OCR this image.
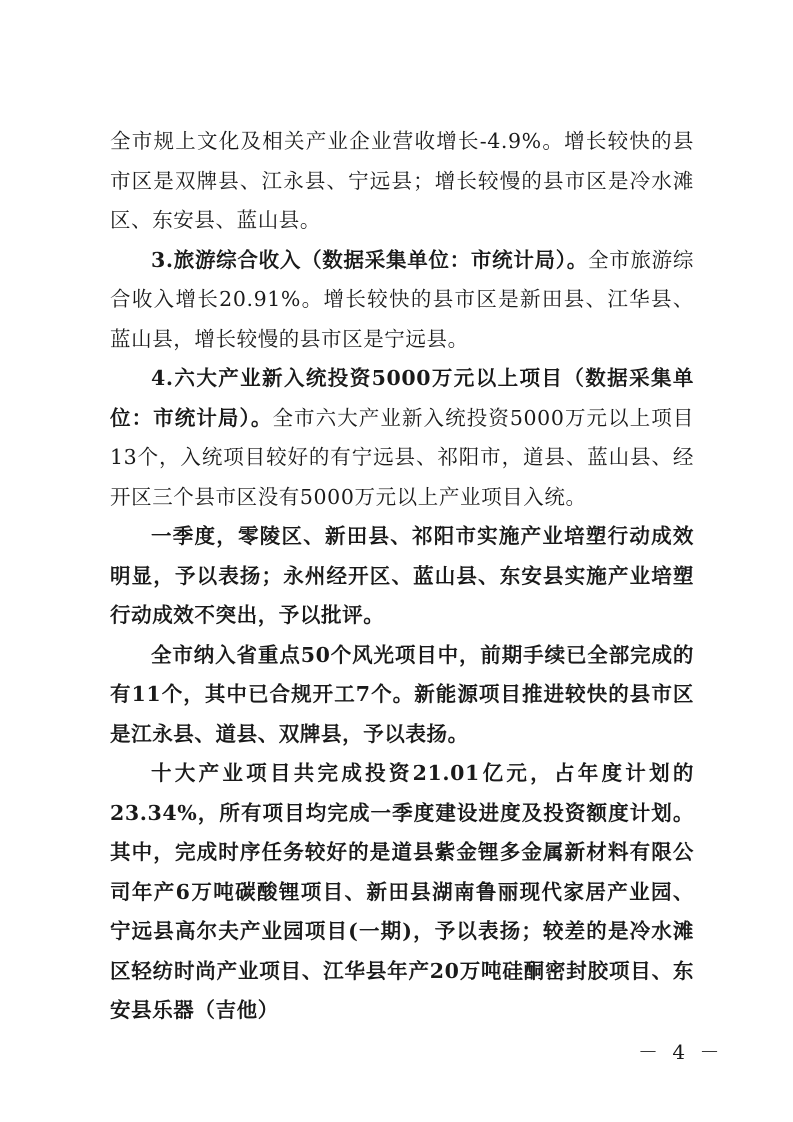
全市规上文化及相关产业企业营收增长-4.9%。增长较快的县市区是双牌县、江永县、宁远县；增长较慢的县市区是冷水滩区、东安县、蓝山县。

3.旅游综合收入（数据采集单位：市统计局）。全市旅游综合收入增长20.91%。增长较快的县市区是新田县、江华县、蓝山县，增长较慢的县市区是宁远县。

4.六大产业新入统投资5000万元以上项目（数据采集单位：市统计局）。全市六大产业新入统投资5000万元以上项目13个，入统项目较好的有宁远县、祁阳市，道县、蓝山县、经开区三个县市区没有5000万元以上产业项目入统。

一季度，零陵区、新田县、祁阳市实施产业培塑行动成效明显，予以表扬；永州经开区、蓝山县、东安县实施产业培塑行动成效不突出，予以批评。

全市纳入省重点50个风光项目中，前期手续已全部完成的有11个，其中已合规开工7个。新能源项目推进较快的县市区是江永县、道县、双牌县，予以表扬。

十大产业项目共完成投资21.01亿元，占年度计划的23.34%，所有项目均完成一季度建设进度及投资额度计划。其中，完成时序任务较好的是道县紫金锂多金属新材料有限公司年产6万吨碳酸锂项目、新田县湖南鲁丽现代家居产业园、宁远县高尔夫产业园项目(一期)，予以表扬；较差的是冷水滩区轻纺时尚产业项目、江华县年产20万吨硅酮密封胶项目、东安县乐器（吉他）

－ 4 －
